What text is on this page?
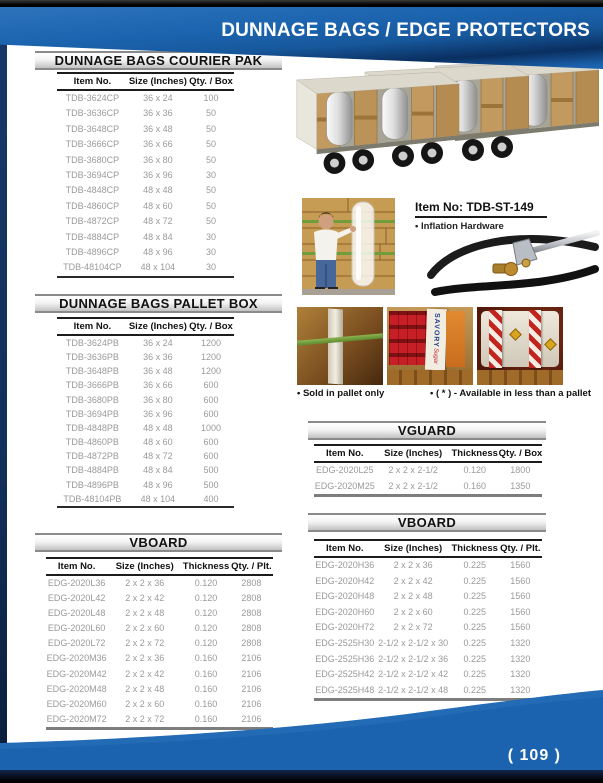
DUNNAGE BAGS / EDGE PROTECTORS
DUNNAGE BAGS COURIER PAK
Item No.	Size (Inches) Qty. / Box
TDB-3624CP	36 x 24	100
TDB-3636CP	36 x 36	50
TDB-3648CP	36 x 48	50
TDB-3666CP	36 x 66	50
TDB-3680CP	36 x 80	50
TDB-3694CP	36 x 96	30
TDB-4848CP	48 x 48	50
TDB-4860CP	48 x 60	50
TDB-4872CP	48 x 72	50
TDB-4884CP	48 x 84	30
TDB-4896CP	48 x 96	30
TDB-48104CP	48 x 104	30
DUNNAGE BAGS PALLET BOX
Item No.	Size (Inches) Qty. / Box
TDB-3624PB	36 x 24	1200
TDB-3636PB	36 x 36	1200
TDB-3648PB	36 x 48	1200
TDB-3666PB	36 x 66	600
TDB-3680PB	36 x 80	600
TDB-3694PB	36 x 96	600
TDB-4848PB	48 x 48	1000
TDB-4860PB	48 x 60	600
TDB-4872PB	48 x 72	600
TDB-4884PB	48 x 84	500
TDB-4896PB	48 x 96	500
TDB-48104PB	48 x 104	400
VBOARD
Item No.	Size (Inches) Thickness Qty. / Plt.
EDG-2020L36	2 x 2 x 36	0.120	2808
EDG-2020L42	2 x 2 x 42	0.120	2808
EDG-2020L48	2 x 2 x 48	0.120	2808
EDG-2020L60	2 x 2 x 60	0.120	2808
EDG-2020L72	2 x 2 x 72	0.120	2808
EDG-2020M36	2 x 2 x 36	0.160	2106
EDG-2020M42	2 x 2 x 42	0.160	2106
EDG-2020M48	2 x 2 x 48	0.160	2106
EDG-2020M60	2 x 2 x 60	0.160	2106
EDG-2020M72	2 x 2 x 72	0.160	2106
Item No: TDB-ST-149
• Inflation Hardware
SAVORY
Sugar
• Sold in pallet only	• ( * ) - Available in less than a pallet
VGUARD
Item No.	Size (Inches) Thickness Qty. / Box
EDG-2020L25	2 x 2 x 2-1/2	0.120	1800
EDG-2020M25	2 x 2 x 2-1/2	0.160	1350
VBOARD
Item No.	Size (Inches) Thickness Qty. / Plt.
EDG-2020H36	2 x 2 x 36	0.225	1560
EDG-2020H42	2 x 2 x 42	0.225	1560
EDG-2020H48	2 x 2 x 48	0.225	1560
EDG-2020H60	2 x 2 x 60	0.225	1560
EDG-2020H72	2 x 2 x 72	0.225	1560
EDG-2525H30 2-1/2 x 2-1/2 x 30	0.225	1320
EDG-2525H36 2-1/2 x 2-1/2 x 36	0.225	1320
EDG-2525H42 2-1/2 x 2-1/2 x 42	0.225	1320
EDG-2525H48 2-1/2 x 2-1/2 x 48	0.225	1320
( 109 )
